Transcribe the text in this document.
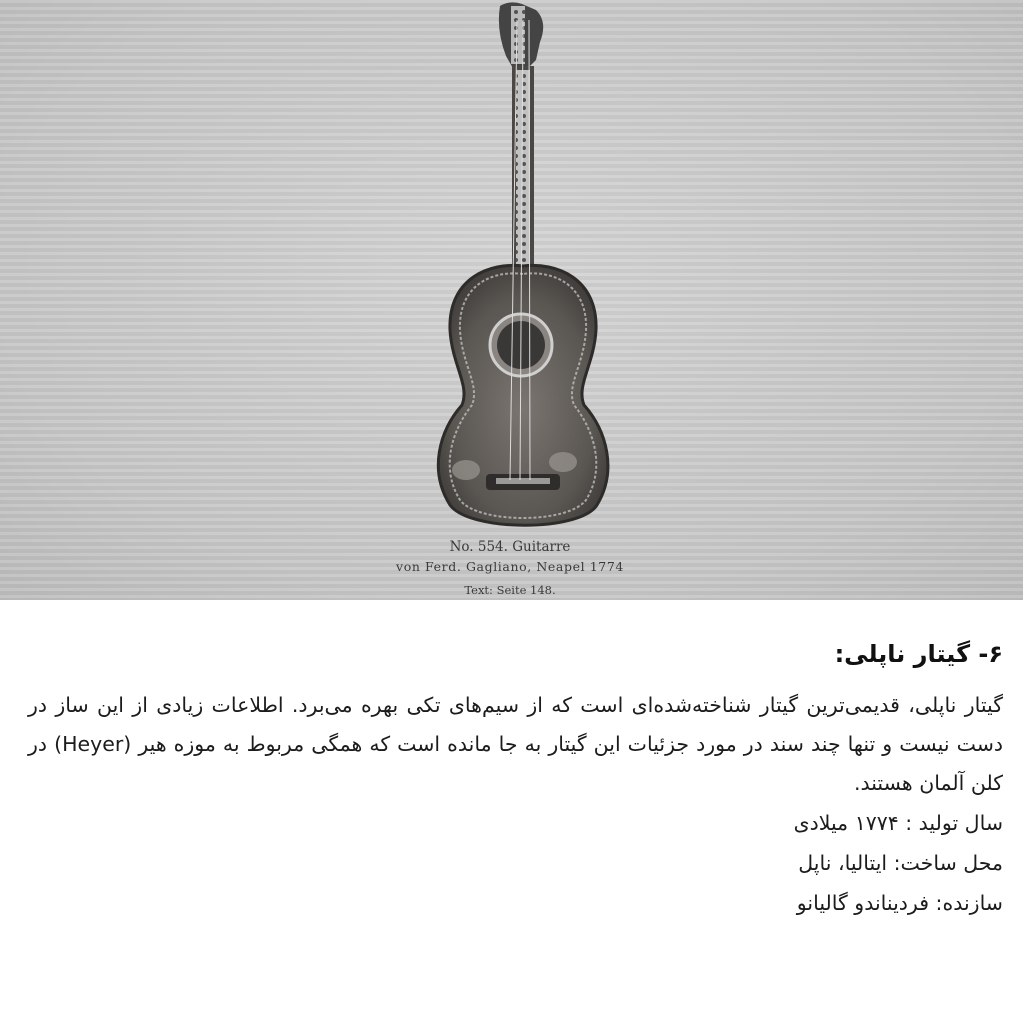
No. 554. Guitarre
von Ferd. Gagliano, Neapel 1774
Text: Seite 148.
۶- گیتار ناپلی:

گیتار ناپلی، قدیمی‌ترین گیتار شناخته‌شده‌ای است که از سیم‌های تکی بهره می‌برد. اطلاعات زیادی از این ساز در دست نیست و تنها چند سند در مورد جزئیات این گیتار به جا مانده است که همگی مربوط به موزه هیر (Heyer) در کلن آلمان هستند.

سال تولید : ۱۷۷۴ میلادی

محل ساخت: ایتالیا، ناپل

سازنده: فردیناندو گالیانو
